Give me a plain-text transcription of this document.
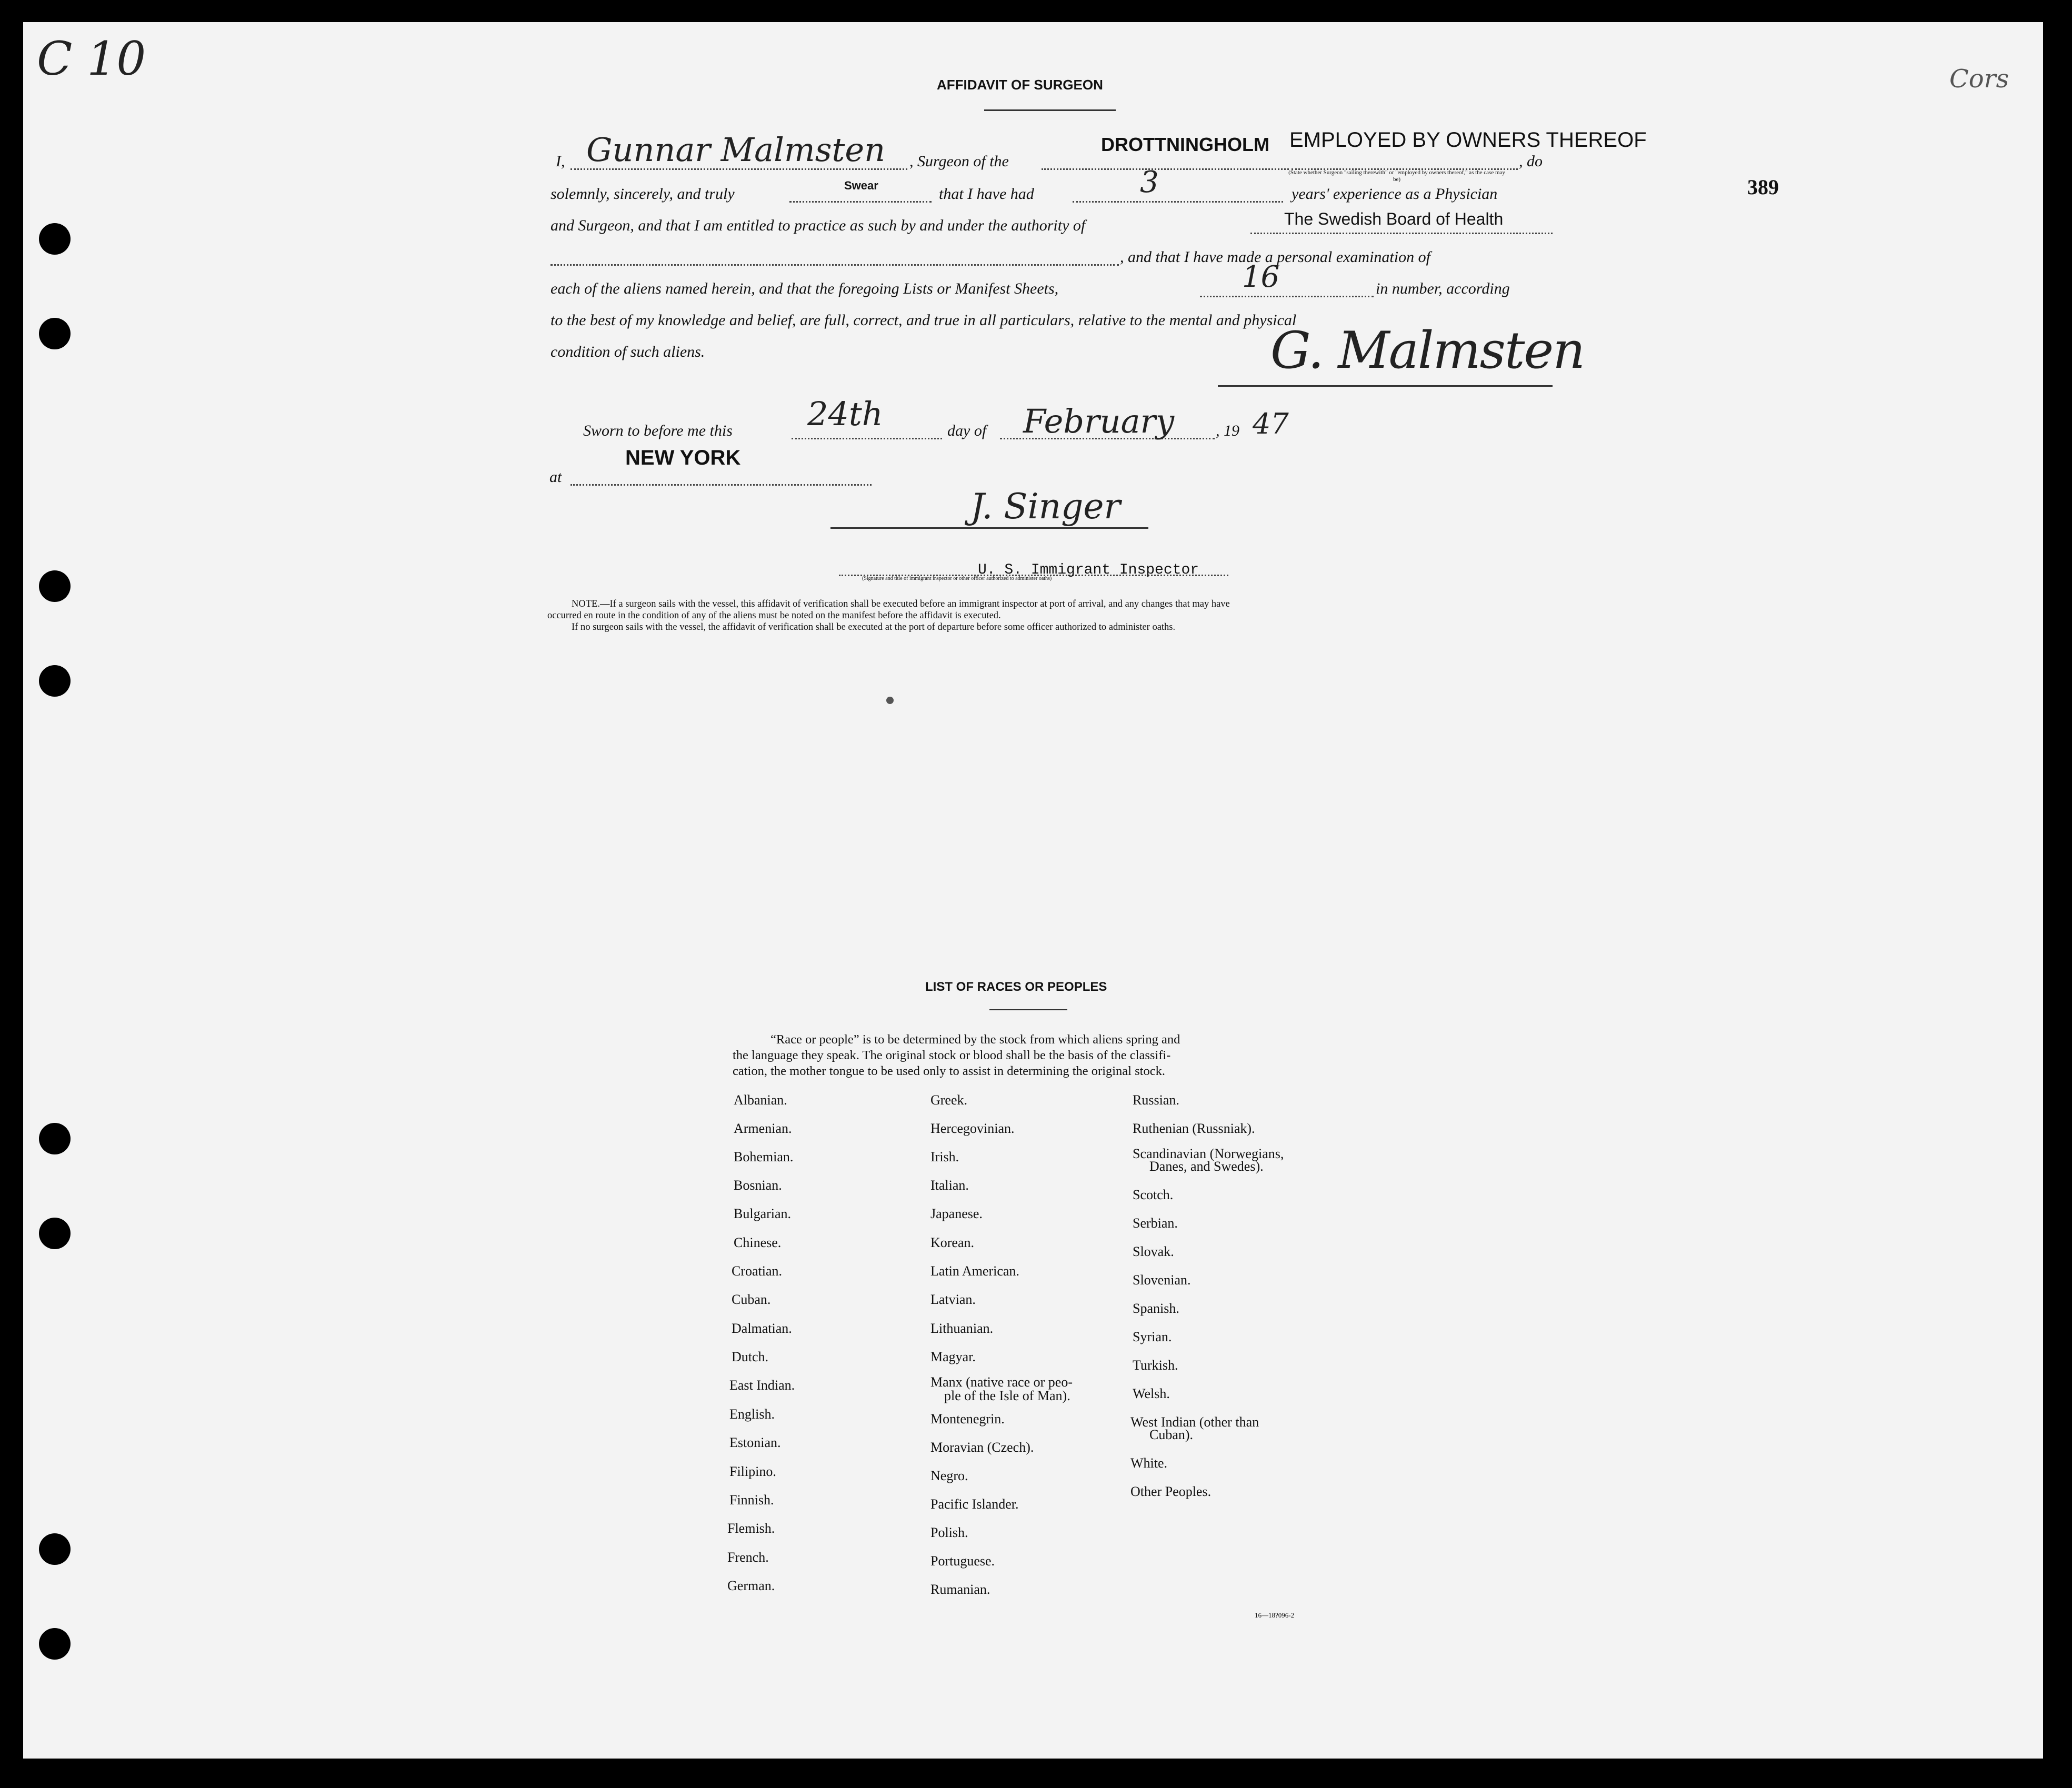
C 10	Cors
389
AFFIDAVIT OF SURGEON
I, Gunnar Malmsten , Surgeon of the
DROTTNINGHOLM EMPLOYED BY OWNERS THEREOF
(State whether Surgeon "sailing therewith" or "employed by owners thereof," as the case may be)
, do
solemnly, sincerely, and truly	Swear	that I have had	3	years' experience as a Physician
and Surgeon, and that I am entitled to practice as such by and under the authority of	The Swedish Board of Health
, and that I have made a personal examination of
each of the aliens named herein, and that the foregoing Lists or Manifest Sheets,	16	in number, according
to the best of my knowledge and belief, are full, correct, and true in all particulars, relative to the mental and physical
condition of such aliens.	G. Malmsten
Sworn to before me this 24th	day of February	, 19 47
NEW YORK
at
J. Singer
U. S. Immigrant Inspector
(Signature and title of immigrant inspector or other officer authorized to administer oaths)
NOTE.—If a surgeon sails with the vessel, this affidavit of verification shall be executed before an immigrant inspector at port of arrival, and any changes that may have
occurred en route in the condition of any of the aliens must be noted on the manifest before the affidavit is executed.
If no surgeon sails with the vessel, the affidavit of verification shall be executed at the port of departure before some officer authorized to administer oaths.
LIST OF RACES OR PEOPLES
“Race or people” is to be determined by the stock from which aliens spring and
the language they speak. The original stock or blood shall be the basis of the classifi-
cation, the mother tongue to be used only to assist in determining the original stock.
Albanian.
Armenian.
Bohemian.
Bosnian.
Bulgarian.
Chinese.
Croatian.
Cuban.
Dalmatian.
Dutch.
East Indian.
English.
Estonian.
Filipino.
Finnish.
Flemish.
French.
German.
Greek.
Hercegovinian.
Irish.
Italian.
Japanese.
Korean.
Latin American.
Latvian.
Lithuanian.
Magyar.
Manx (native race or peo-
ple of the Isle of Man).
Montenegrin.
Moravian (Czech).
Negro.
Pacific Islander.
Polish.
Portuguese.
Rumanian.
Russian.
Ruthenian (Russniak).
Scandinavian (Norwegians,
Danes, and Swedes).
Scotch.
Serbian.
Slovak.
Slovenian.
Spanish.
Syrian.
Turkish.
Welsh.
West Indian (other than
Cuban).
White.
Other Peoples.
16—18?096-2
